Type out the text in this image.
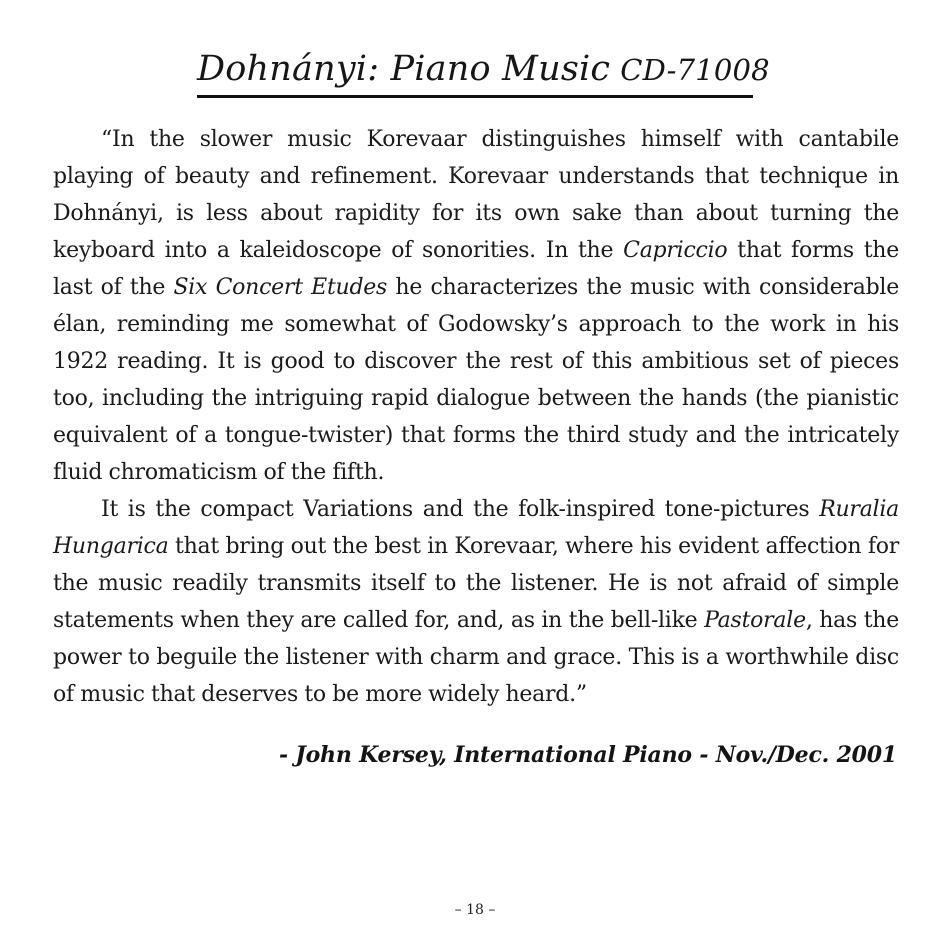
Dohnányi: Piano Music CD-71008

“In the slower music Korevaar distinguishes himself with cantabile playing of beauty and refinement. Korevaar understands that technique in Dohnányi, is less about rapidity for its own sake than about turning the keyboard into a kaleidoscope of sonorities. In the Capriccio that forms the last of the Six Concert Etudes he characterizes the music with considerable élan, reminding me somewhat of Godowsky’s approach to the work in his 1922 reading. It is good to discover the rest of this ambitious set of pieces too, including the intriguing rapid dialogue between the hands (the pianistic equivalent of a tongue-twister) that forms the third study and the intricately fluid chromaticism of the fifth.

It is the compact Variations and the folk-inspired tone-pictures Ruralia Hungarica that bring out the best in Korevaar, where his evident affection for the music readily transmits itself to the listener. He is not afraid of simple statements when they are called for, and, as in the bell-like Pastorale, has the power to beguile the listener with charm and grace. This is a worthwhile disc of music that deserves to be more widely heard.”

- John Kersey, International Piano - Nov./Dec. 2001

– 18 –
